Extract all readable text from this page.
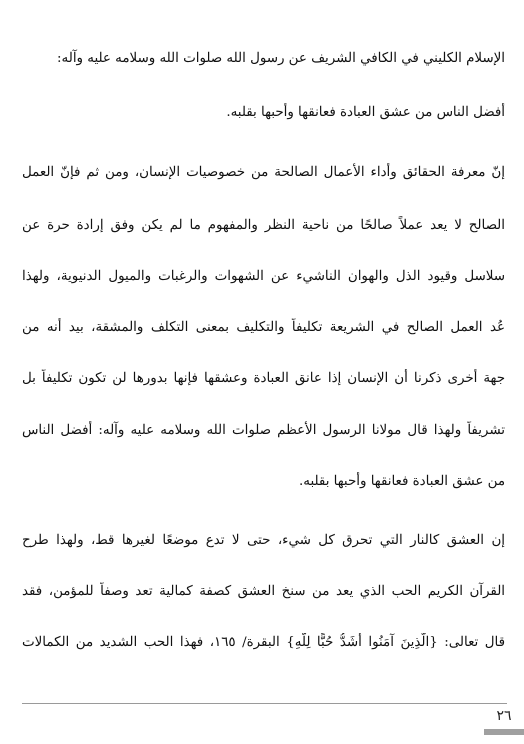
الإسلام الكليني في الكافي الشريف عن رسول الله صلوات الله وسلامه عليه وآله:
أفضل الناس من عشق العبادة فعانقها وأحبها بقلبه.
إنّ معرفة الحقائق وأداء الأعمال الصالحة من خصوصيات الإنسان، ومن ثم فإنّ العمل
الصالح لا يعد عملاً صالحًا من ناحية النظر والمفهوم ما لم يكن وفق إرادة حرة عن
سلاسل وقيود الذل والهوان الناشيء عن الشهوات والرغبات والميول الدنيوية، ولهذا
عُد العمل الصالح في الشريعة تكليفاً والتكليف بمعنى التكلف والمشقة، بيد أنه من
جهة أخرى ذكرنا أن الإنسان إذا عانق العبادة وعشقها فإنها بدورها لن تكون تكليفاً بل
تشريفاً ولهذا قال مولانا الرسول الأعظم صلوات الله وسلامه عليه وآله: أفضل الناس
من عشق العبادة فعانقها وأحبها بقلبه.
إن العشق كالنار التي تحرق كل شيء، حتى لا تدع موضعًا لغيرها قط، ولهذا طرح
القرآن الكريم الحب الذي يعد من سنخ العشق كصفة كمالية تعد وصفاً للمؤمن، فقد
قال تعالى: {الَّذِينَ آمَنُوا أَشَدُّ حُبًّا لِلَّهِ} البقرة/ ١٦٥، فهذا الحب الشديد من الكمالات
٢٦
